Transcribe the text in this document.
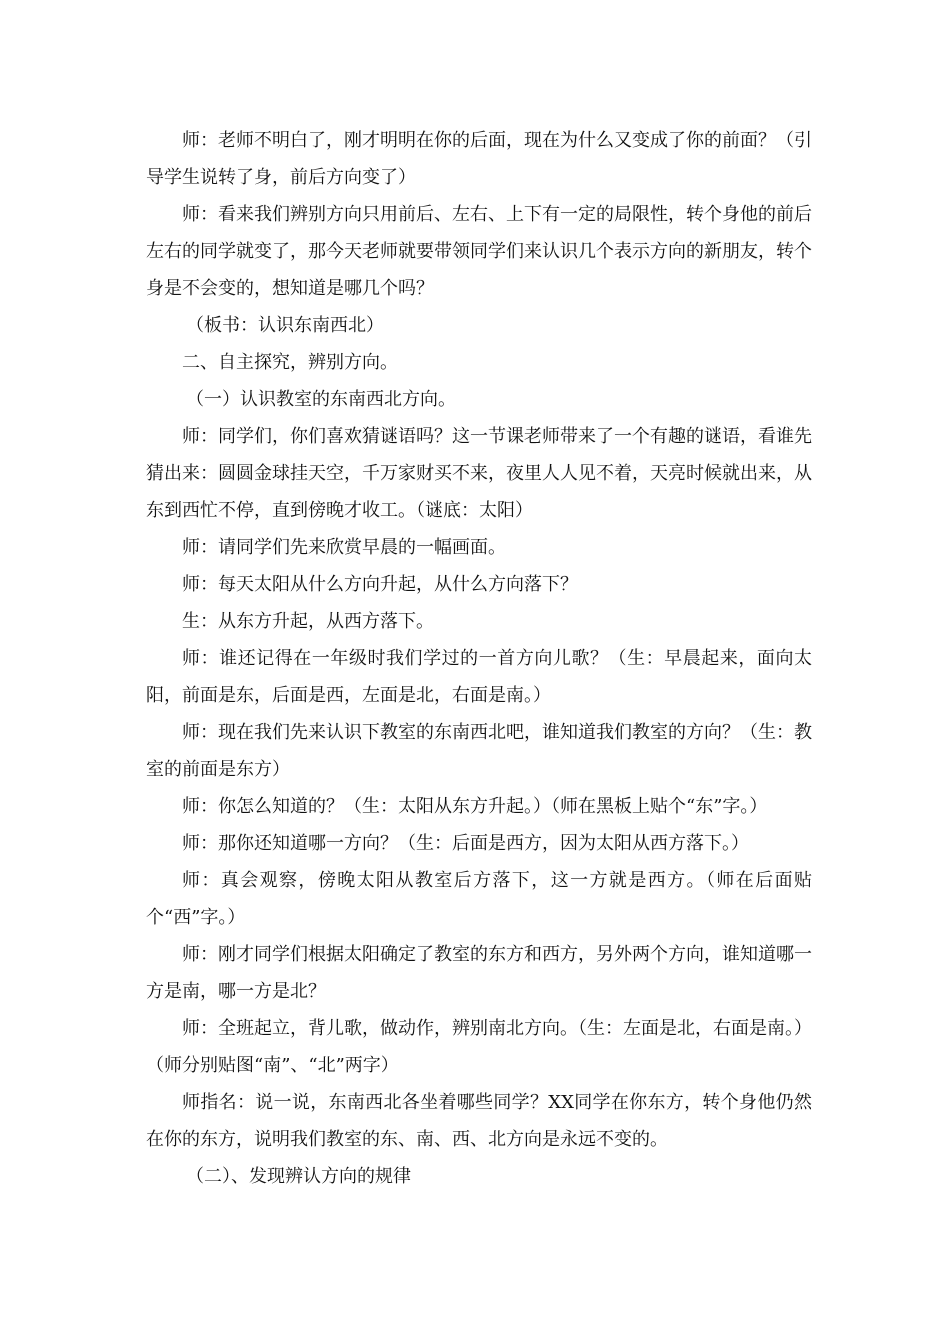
师：老师不明白了，刚才明明在你的后面，现在为什么又变成了你的前面？（引导学生说转了身，前后方向变了）

师：看来我们辨别方向只用前后、左右、上下有一定的局限性，转个身他的前后左右的同学就变了，那今天老师就要带领同学们来认识几个表示方向的新朋友，转个身是不会变的，想知道是哪几个吗？

（板书：认识东南西北）

二、自主探究，辨别方向。

（一）认识教室的东南西北方向。

师：同学们，你们喜欢猜谜语吗？这一节课老师带来了一个有趣的谜语，看谁先猜出来：圆圆金球挂天空，千万家财买不来，夜里人人见不着，天亮时候就出来，从东到西忙不停，直到傍晚才收工。（谜底：太阳）

师：请同学们先来欣赏早晨的一幅画面。

师：每天太阳从什么方向升起，从什么方向落下？

生：从东方升起，从西方落下。

师：谁还记得在一年级时我们学过的一首方向儿歌？（生：早晨起来，面向太阳，前面是东，后面是西，左面是北，右面是南。）

师：现在我们先来认识下教室的东南西北吧，谁知道我们教室的方向？（生：教室的前面是东方）

师：你怎么知道的？（生：太阳从东方升起。）（师在黑板上贴个“东”字。）

师：那你还知道哪一方向？（生：后面是西方，因为太阳从西方落下。）

师：真会观察，傍晚太阳从教室后方落下，这一方就是西方。（师在后面贴个“西”字。）

师：刚才同学们根据太阳确定了教室的东方和西方，另外两个方向，谁知道哪一方是南，哪一方是北？

师：全班起立，背儿歌，做动作，辨别南北方向。（生：左面是北，右面是南。）（师分别贴图“南”、“北”两字）

师指名：说一说，东南西北各坐着哪些同学？XX同学在你东方，转个身他仍然在你的东方，说明我们教室的东、南、西、北方向是永远不变的。

（二）、发现辨认方向的规律
